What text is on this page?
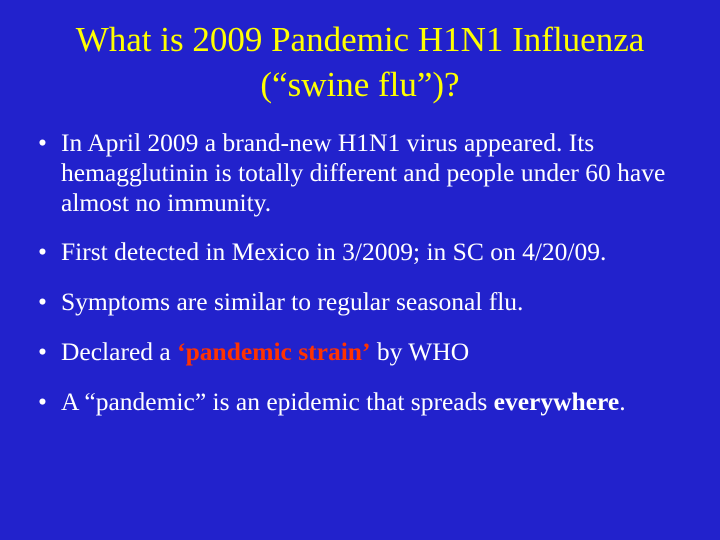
What is 2009 Pandemic H1N1 Influenza (“swine flu”)?
• In April 2009 a brand-new H1N1 virus appeared. Its hemagglutinin is totally different and people under 60 have almost no immunity.
• First detected in Mexico in 3/2009; in SC on 4/20/09.
• Symptoms are similar to regular seasonal flu.
• Declared a ‘pandemic strain’ by WHO
• A “pandemic” is an epidemic that spreads everywhere.
